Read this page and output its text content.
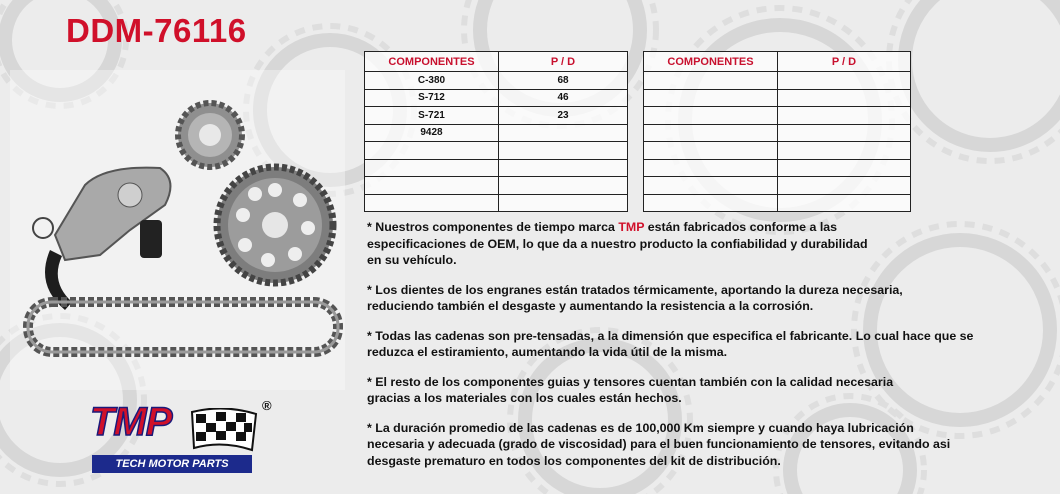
DDM-76116
COMPONENTES	P / D
C-380	68
S-712	46
S-721	23
9428	

COMPONENTES	P / D

* Nuestros componentes de tiempo marca TMP están fabricados conforme a las
especificaciones de OEM, lo que da a nuestro producto la confiabilidad y durabilidad
en su vehículo.

* Los dientes de los engranes están tratados térmicamente, aportando la dureza necesaria,
reduciendo también el desgaste y aumentando la resistencia a la corrosión.

* Todas las cadenas son pre-tensadas, a la dimensión que especifica el fabricante. Lo cual hace que se
reduzca el estiramiento, aumentando la vida útil de la misma.

* El resto de los componentes guias y tensores cuentan también con la calidad necesaria
gracias a los materiales con los cuales están hechos.

* La duración promedio de las cadenas es de 100,000 Km siempre y cuando haya lubricación
necesaria y adecuada (grado de viscosidad) para el buen funcionamiento de tensores, evitando asi
desgaste prematuro en todos los componentes del kit de distribución.

TMP	®
TECH MOTOR PARTS
